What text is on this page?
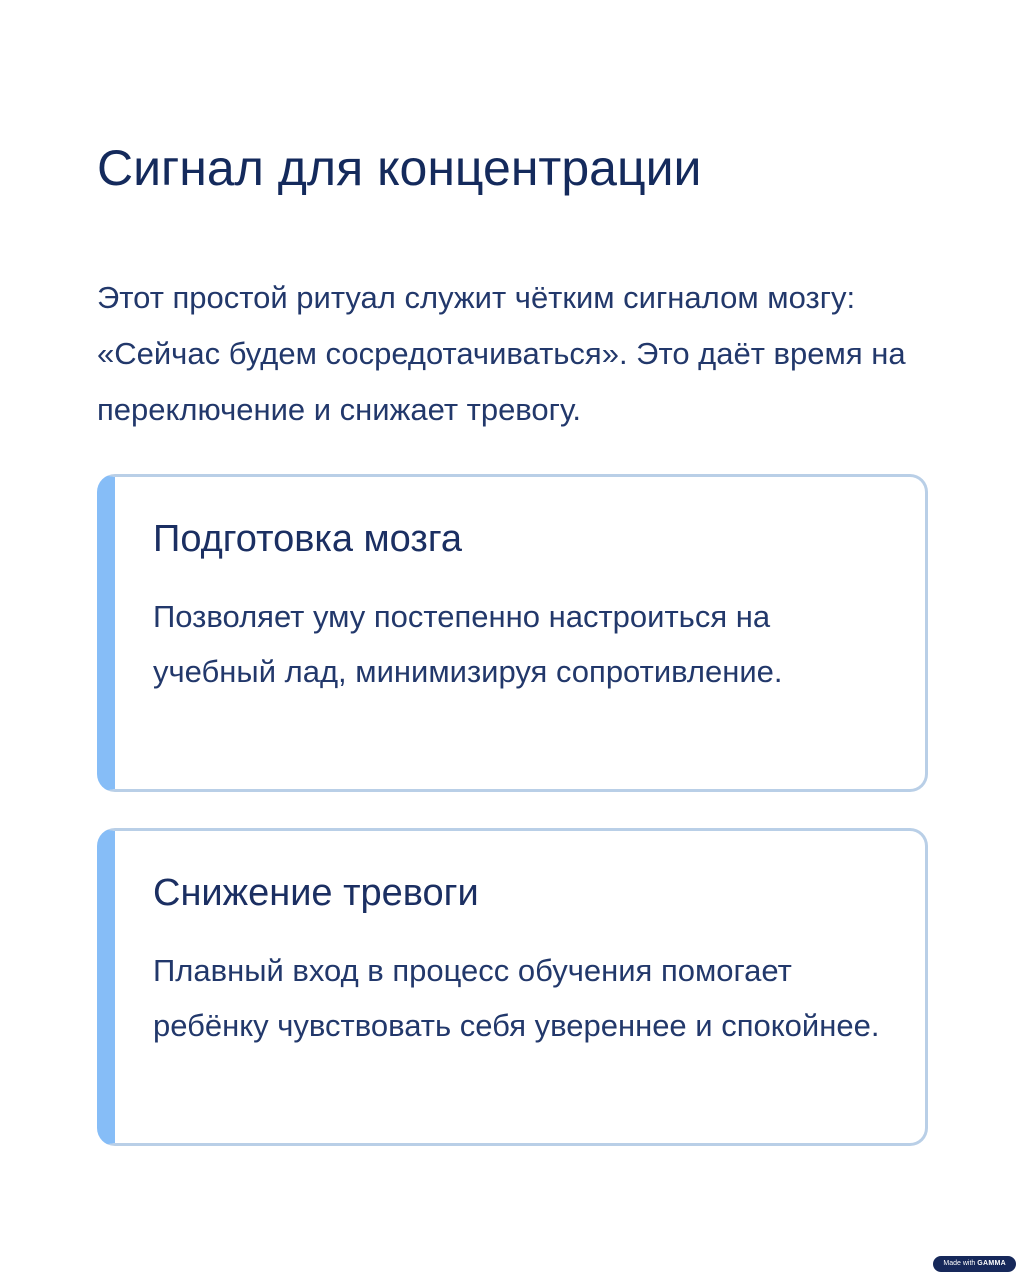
Сигнал для концентрации

Этот простой ритуал служит чётким сигналом мозгу: «Сейчас будем сосредотачиваться». Это даёт время на переключение и снижает тревогу.

Подготовка мозга

Позволяет уму постепенно настроиться на учебный лад, минимизируя сопротивление.

Снижение тревоги

Плавный вход в процесс обучения помогает ребёнку чувствовать себя увереннее и спокойнее.

Made with GAMMA
